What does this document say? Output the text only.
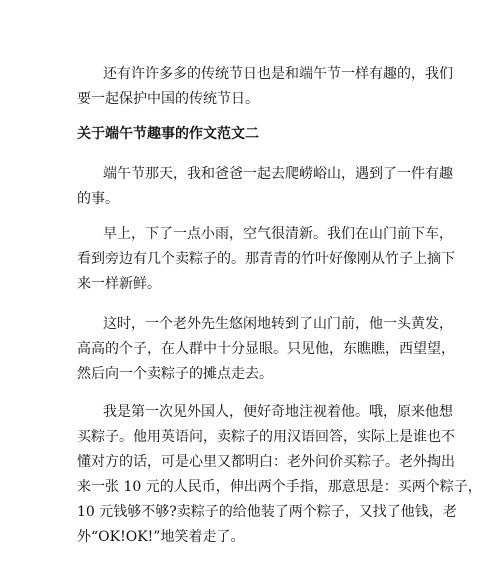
还有许许多多的传统节日也是和端午节一样有趣的，我们
要一起保护中国的传统节日。
关于端午节趣事的作文范文二
端午节那天，我和爸爸一起去爬崂峪山，遇到了一件有趣
的事。
早上，下了一点小雨，空气很清新。我们在山门前下车，
看到旁边有几个卖粽子的。那青青的竹叶好像刚从竹子上摘下
来一样新鲜。
这时，一个老外先生悠闲地转到了山门前，他一头黄发，
高高的个子，在人群中十分显眼。只见他，东瞧瞧，西望望，
然后向一个卖粽子的摊点走去。
我是第一次见外国人，便好奇地注视着他。哦，原来他想
买粽子。他用英语问，卖粽子的用汉语回答，实际上是谁也不
懂对方的话，可是心里又都明白：老外问价买粽子。老外掏出
来一张 10 元的人民币，伸出两个手指，那意思是：买两个粽子，
10 元钱够不够?卖粽子的给他装了两个粽子，又找了他钱，老
外“OK!OK!”地笑着走了。
